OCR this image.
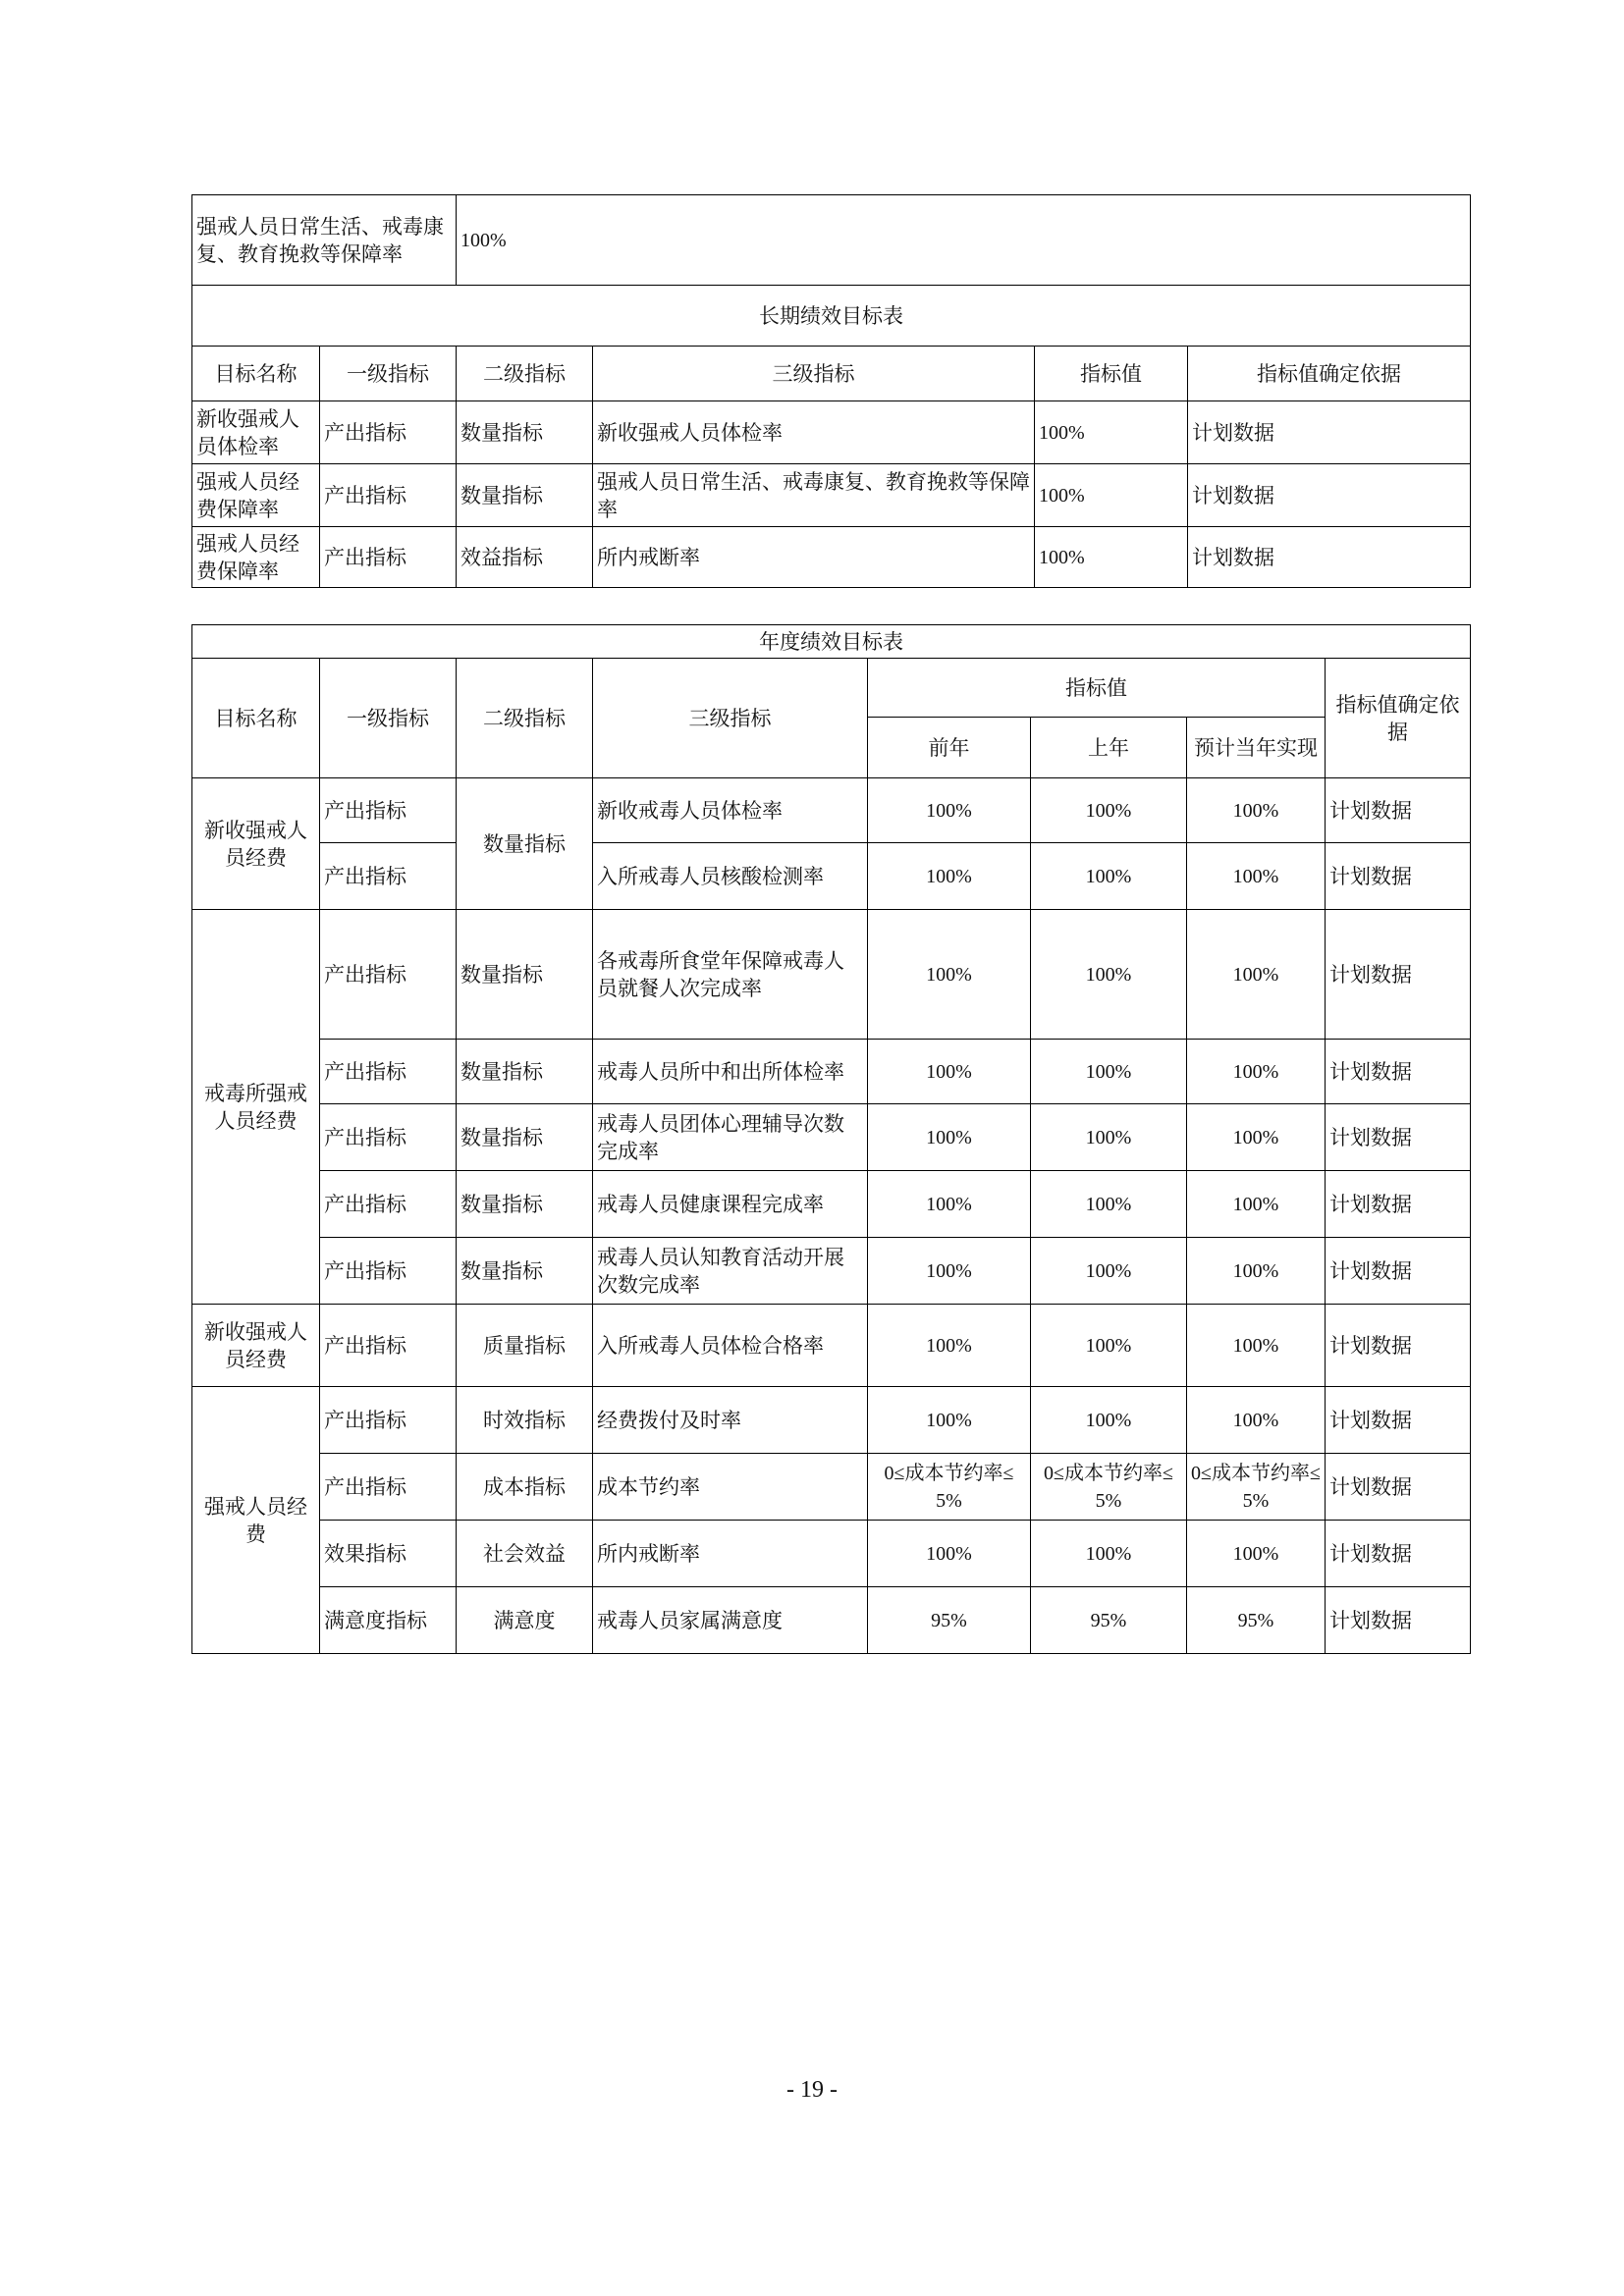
强戒人员日常生活、戒毒康复、教育挽救等保障率		100%			
长期绩效目标表					
目标名称	一级指标	二级指标	三级指标	指标值	指标值确定依据
新收强戒人员体检率	产出指标	数量指标	新收强戒人员体检率	100%	计划数据
强戒人员经费保障率	产出指标	数量指标	强戒人员日常生活、戒毒康复、教育挽救等保障率	100%	计划数据
强戒人员经费保障率	产出指标	效益指标	所内戒断率	100%	计划数据
年度绩效目标表							
目标名称	一级指标	二级指标	三级指标	指标值			指标值确定依据
				前年	上年	预计当年实现	
新收强戒人员经费	产出指标	数量指标	新收戒毒人员体检率	100%	100%	100%	计划数据
	产出指标		入所戒毒人员核酸检测率	100%	100%	100%	计划数据
戒毒所强戒人员经费	产出指标	数量指标	各戒毒所食堂年保障戒毒人员就餐人次完成率	100%	100%	100%	计划数据
	产出指标	数量指标	戒毒人员所中和出所体检率	100%	100%	100%	计划数据
	产出指标	数量指标	戒毒人员团体心理辅导次数完成率	100%	100%	100%	计划数据
	产出指标	数量指标	戒毒人员健康课程完成率	100%	100%	100%	计划数据
	产出指标	数量指标	戒毒人员认知教育活动开展次数完成率	100%	100%	100%	计划数据
新收强戒人员经费	产出指标	质量指标	入所戒毒人员体检合格率	100%	100%	100%	计划数据
强戒人员经费	产出指标	时效指标	经费拨付及时率	100%	100%	100%	计划数据
	产出指标	成本指标	成本节约率	0≤成本节约率≤5%	0≤成本节约率≤5%	0≤成本节约率≤5%	计划数据
	效果指标	社会效益	所内戒断率	100%	100%	100%	计划数据
	满意度指标	满意度	戒毒人员家属满意度	95%	95%	95%	计划数据
- 19 -
